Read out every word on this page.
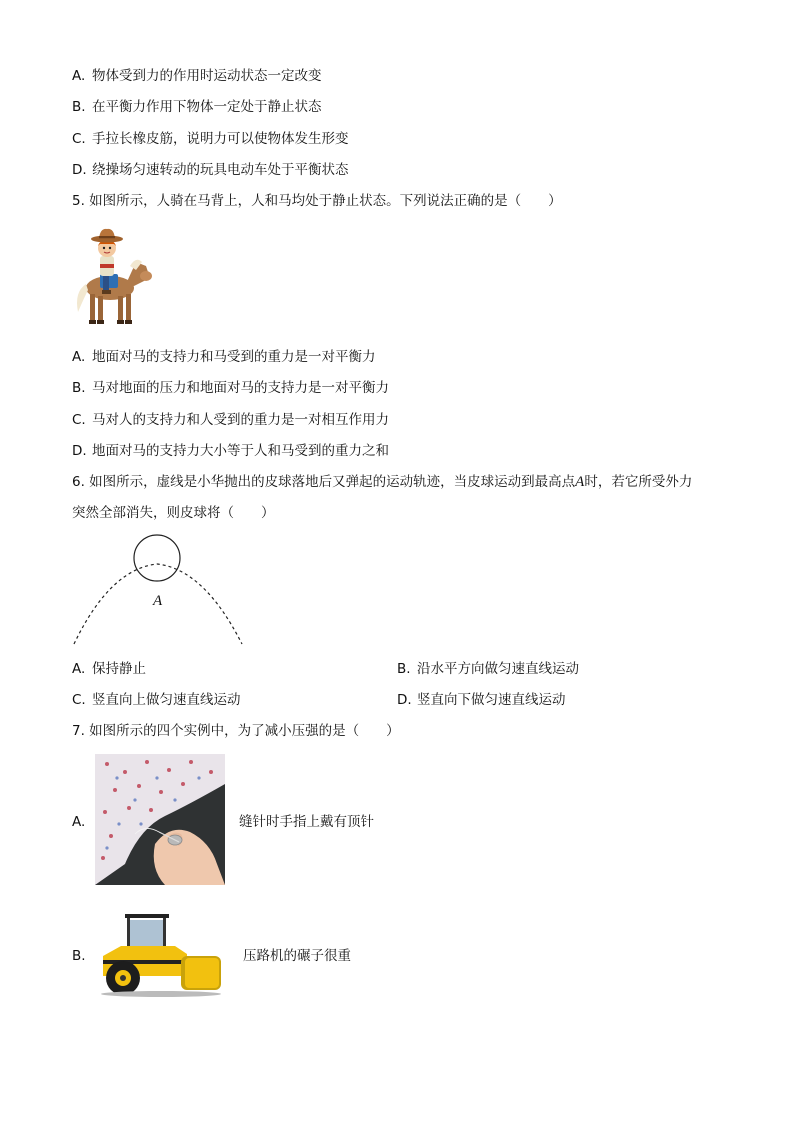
A. 物体受到力的作用时运动状态一定改变
B. 在平衡力作用下物体一定处于静止状态
C. 手拉长橡皮筋，说明力可以使物体发生形变
D. 绕操场匀速转动的玩具电动车处于平衡状态
5. 如图所示，人骑在马背上，人和马均处于静止状态。下列说法正确的是（　　）
A. 地面对马的支持力和马受到的重力是一对平衡力
B. 马对地面的压力和地面对马的支持力是一对平衡力
C. 马对人的支持力和人受到的重力是一对相互作用力
D. 地面对马的支持力大小等于人和马受到的重力之和
6. 如图所示，虚线是小华抛出的皮球落地后又弹起的运动轨迹，当皮球运动到最高点A时，若它所受外力
突然全部消失，则皮球将（　　）
A
A. 保持静止	B. 沿水平方向做匀速直线运动
C. 竖直向上做匀速直线运动	D. 竖直向下做匀速直线运动
7. 如图所示的四个实例中，为了减小压强的是（　　）
A.	缝针时手指上戴有顶针
B.	压路机的碾子很重
